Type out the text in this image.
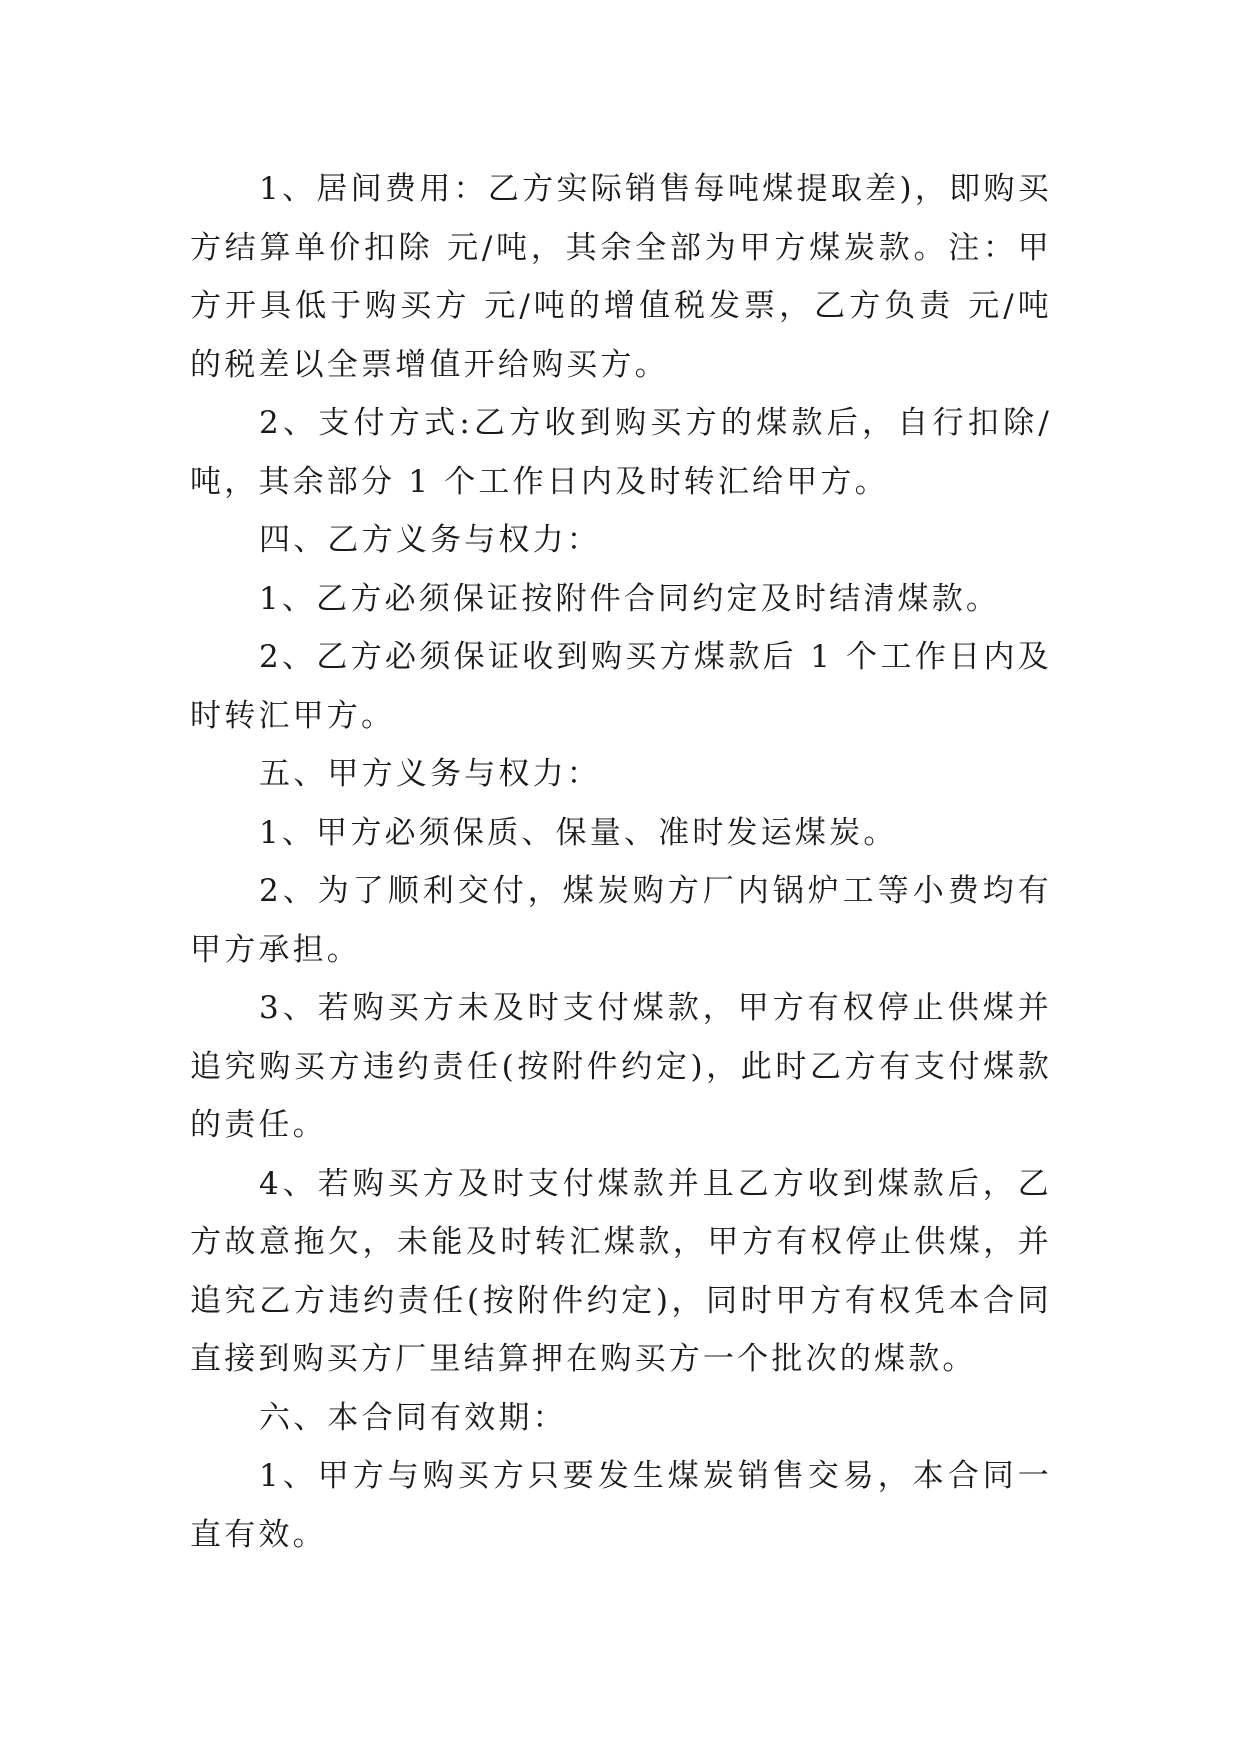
1、居间费用：乙方实际销售每吨煤提取差)，即购买方结算单价扣除 元/吨，其余全部为甲方煤炭款。注：甲方开具低于购买方 元/吨的增值税发票，乙方负责 元/吨的税差以全票增值开给购买方。

2、支付方式:乙方收到购买方的煤款后，自行扣除/吨，其余部分 1 个工作日内及时转汇给甲方。

四、乙方义务与权力：

1、乙方必须保证按附件合同约定及时结清煤款。

2、乙方必须保证收到购买方煤款后 1 个工作日内及时转汇甲方。

五、甲方义务与权力：

1、甲方必须保质、保量、准时发运煤炭。

2、为了顺利交付，煤炭购方厂内锅炉工等小费均有甲方承担。

3、若购买方未及时支付煤款，甲方有权停止供煤并追究购买方违约责任(按附件约定)，此时乙方有支付煤款的责任。

4、若购买方及时支付煤款并且乙方收到煤款后，乙方故意拖欠，未能及时转汇煤款，甲方有权停止供煤，并追究乙方违约责任(按附件约定)，同时甲方有权凭本合同直接到购买方厂里结算押在购买方一个批次的煤款。

六、本合同有效期：

1、甲方与购买方只要发生煤炭销售交易，本合同一直有效。
